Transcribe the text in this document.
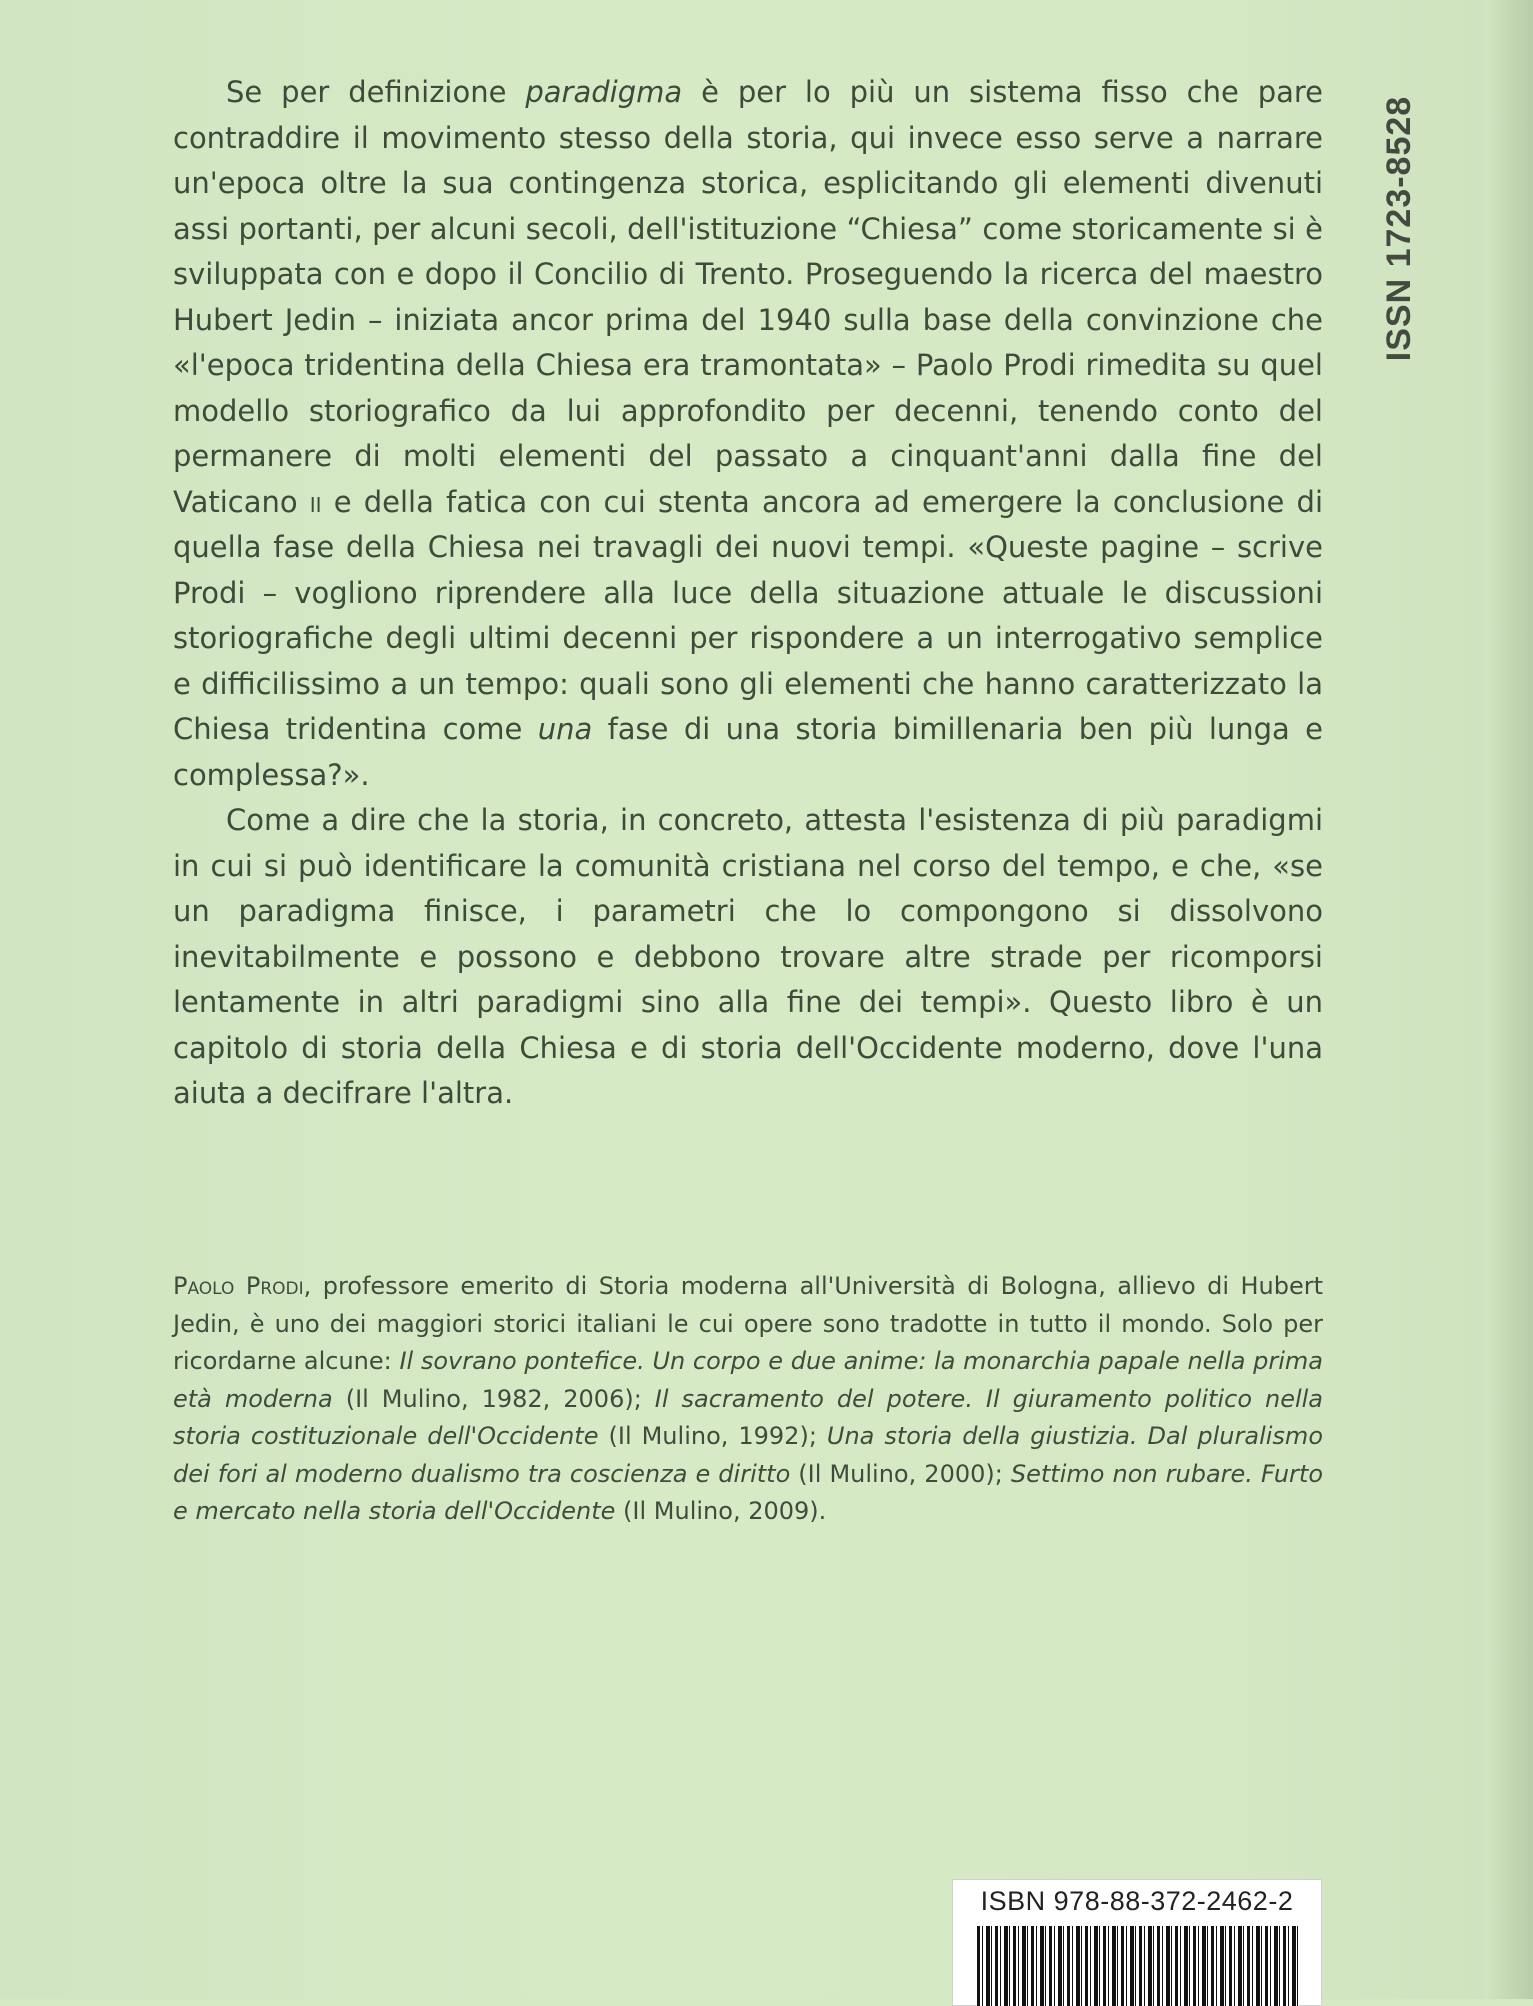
ISSN 1723-8528

Se per definizione paradigma è per lo più un sistema fisso che pare contraddire il movimento stesso della storia, qui invece esso serve a narrare un'epoca oltre la sua contingenza storica, esplicitando gli elementi divenuti assi portanti, per alcuni secoli, dell'istituzione “Chiesa” come storicamente si è sviluppata con e dopo il Concilio di Trento. Proseguendo la ricerca del maestro Hubert Jedin – iniziata ancor prima del 1940 sulla base della convinzione che «l'epoca tridentina della Chiesa era tramontata» – Paolo Prodi rimedita su quel modello storiografico da lui approfondito per decenni, tenendo conto del permanere di molti elementi del passato a cinquant'anni dalla fine del Vaticano ii e della fatica con cui stenta ancora ad emergere la conclusione di quella fase della Chiesa nei travagli dei nuovi tempi. «Queste pagine – scrive Prodi – vogliono riprendere alla luce della situazione attuale le discussioni storiografiche degli ultimi decenni per rispondere a un interrogativo semplice e difficilissimo a un tempo: quali sono gli elementi che hanno caratterizzato la Chiesa tridentina come una fase di una storia bimillenaria ben più lunga e complessa?».

Come a dire che la storia, in concreto, attesta l'esistenza di più paradigmi in cui si può identificare la comunità cristiana nel corso del tempo, e che, «se un paradigma finisce, i parametri che lo compongono si dissolvono inevitabilmente e possono e debbono trovare altre strade per ricomporsi lentamente in altri paradigmi sino alla fine dei tempi». Questo libro è un capitolo di storia della Chiesa e di storia dell'Occidente moderno, dove l'una aiuta a decifrare l'altra.

Paolo Prodi, professore emerito di Storia moderna all'Università di Bologna, allievo di Hubert Jedin, è uno dei maggiori storici italiani le cui opere sono tradotte in tutto il mondo. Solo per ricordarne alcune: Il sovrano pontefice. Un corpo e due anime: la monarchia papale nella prima età moderna (Il Mulino, 1982, 2006); Il sacramento del potere. Il giuramento politico nella storia costituzionale dell'Occidente (Il Mulino, 1992); Una storia della giustizia. Dal pluralismo dei fori al moderno dualismo tra coscienza e diritto (Il Mulino, 2000); Settimo non rubare. Furto e mercato nella storia dell'Occidente (Il Mulino, 2009).

ISBN 978-88-372-2462-2
